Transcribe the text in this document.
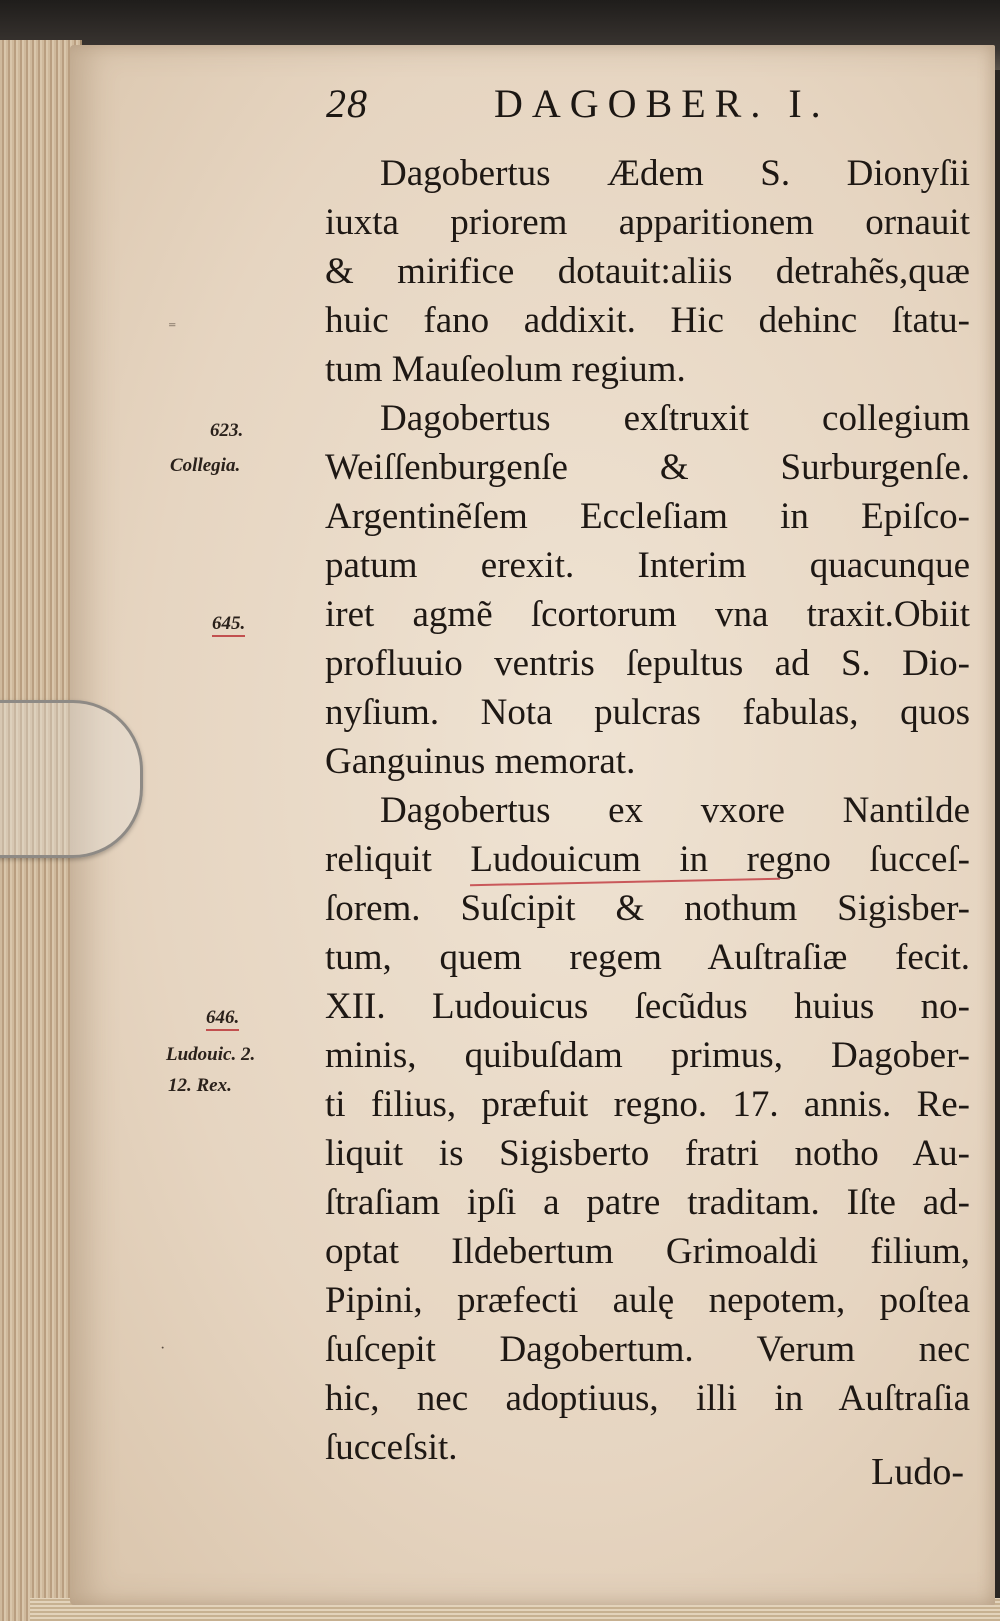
28	DAGOBER. I.
Dagobertus Ædem S. Dionyſii
iuxta priorem apparitionem ornauit
& mirifice dotauit:aliis detrahẽs,quæ
huic fano addixit. Hic dehinc ſtatu-
tum Mauſeolum regium.
Dagobertus exſtruxit collegium
Weiſſenburgenſe & Surburgenſe.
Argentinẽſem Eccleſiam in Epiſco-
patum erexit. Interim quacunque
iret agmẽ ſcortorum vna traxit.Obiit
profluuio ventris ſepultus ad S. Dio-
nyſium. Nota pulcras fabulas, quos
Ganguinus memorat.
Dagobertus ex vxore Nantilde
reliquit Ludouicum in regno ſucceſ-
ſorem. Suſcipit & nothum Sigisber-
tum, quem regem Auſtraſiæ fecit.
XII. Ludouicus ſecũdus huius no-
minis, quibuſdam primus, Dagober-
ti filius, præfuit regno. 17. annis. Re-
liquit is Sigisberto fratri notho Au-
ſtraſiam ipſi a patre traditam. Iſte ad-
optat Ildebertum Grimoaldi filium,
Pipini, præfecti aulę nepotem, poſtea
ſuſcepit Dagobertum. Verum nec
hic, nec adoptiuus, illi in Auſtraſia
ſucceſsit.
Ludo-
623.
Collegia.
645.
646.
Ludouic. 2.
12. Rex.
⁼
·
